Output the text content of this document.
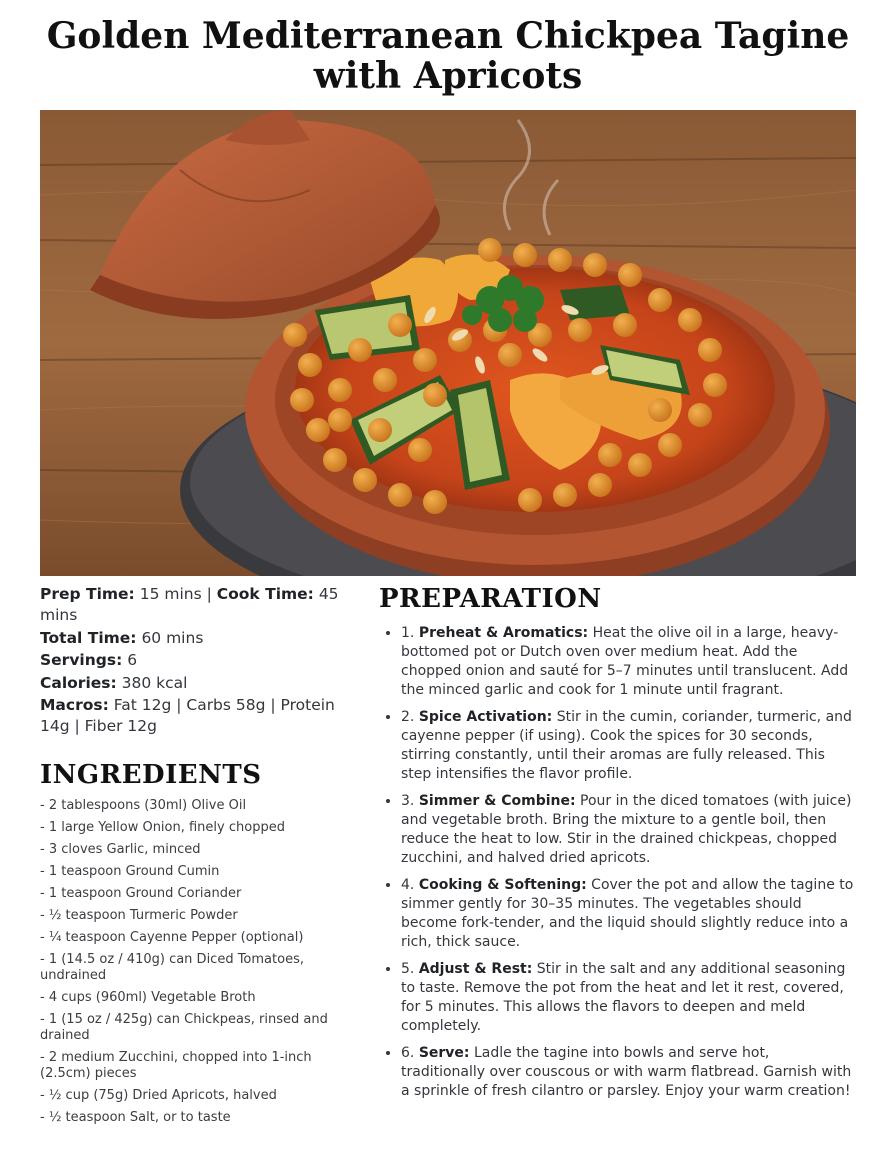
Golden Mediterranean Chickpea Tagine with Apricots

Prep Time: 15 mins | Cook Time: 45 mins

Total Time: 60 mins

Servings: 6

Calories: 380 kcal

Macros: Fat 12g | Carbs 58g | Protein 14g | Fiber 12g

INGREDIENTS
- 2 tablespoons (30ml) Olive Oil
- 1 large Yellow Onion, finely chopped
- 3 cloves Garlic, minced
- 1 teaspoon Ground Cumin
- 1 teaspoon Ground Coriander
- ½ teaspoon Turmeric Powder
- ¼ teaspoon Cayenne Pepper (optional)
- 1 (14.5 oz / 410g) can Diced Tomatoes, undrained
- 4 cups (960ml) Vegetable Broth
- 1 (15 oz / 425g) can Chickpeas, rinsed and drained
- 2 medium Zucchini, chopped into 1-inch (2.5cm) pieces
- ½ cup (75g) Dried Apricots, halved
- ½ teaspoon Salt, or to taste
PREPARATION
• 1. Preheat & Aromatics: Heat the olive oil in a large, heavy-bottomed pot or Dutch oven over medium heat. Add the chopped onion and sauté for 5–7 minutes until translucent. Add the minced garlic and cook for 1 minute until fragrant.
• 2. Spice Activation: Stir in the cumin, coriander, turmeric, and cayenne pepper (if using). Cook the spices for 30 seconds, stirring constantly, until their aromas are fully released. This step intensifies the flavor profile.
• 3. Simmer & Combine: Pour in the diced tomatoes (with juice) and vegetable broth. Bring the mixture to a gentle boil, then reduce the heat to low. Stir in the drained chickpeas, chopped zucchini, and halved dried apricots.
• 4. Cooking & Softening: Cover the pot and allow the tagine to simmer gently for 30–35 minutes. The vegetables should become fork-tender, and the liquid should slightly reduce into a rich, thick sauce.
• 5. Adjust & Rest: Stir in the salt and any additional seasoning to taste. Remove the pot from the heat and let it rest, covered, for 5 minutes. This allows the flavors to deepen and meld completely.
• 6. Serve: Ladle the tagine into bowls and serve hot, traditionally over couscous or with warm flatbread. Garnish with a sprinkle of fresh cilantro or parsley. Enjoy your warm creation!
